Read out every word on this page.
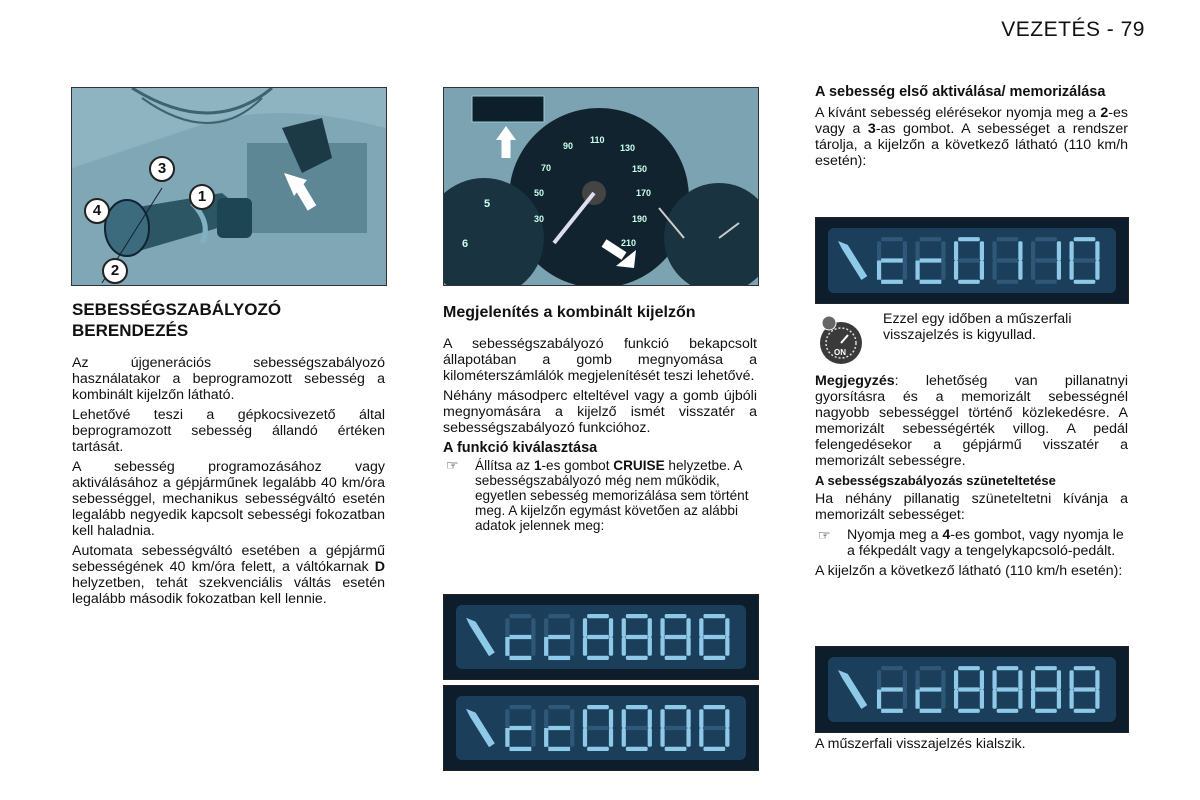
VEZETÉS - 79
3
1
4
2
90
110
130
70	150
50	170
30	190
210
5
6

SEBESSÉGSZABÁLYOZÓ BERENDEZÉS

Az újgenerációs sebességszabályozó használatakor a beprogramozott sebesség a kombinált kijelzőn látható.

Lehetővé teszi a gépkocsivezető által beprogramozott sebesség állandó értéken tartását.

A sebesség programozásához vagy aktiválásához a gépjárműnek legalább 40 km/óra sebességgel, mechanikus sebességváltó esetén legalább negyedik kapcsolt sebességi fokozatban kell haladnia.

Automata sebességváltó esetében a gépjármű sebességének 40 km/óra felett, a váltókarnak D helyzetben, tehát szekvenciális váltás esetén legalább második fokozatban kell lennie.

Megjelenítés a kombinált kijelzőn

A sebességszabályozó funkció bekapcsolt állapotában a gomb megnyomása a kilométerszámlálók megjelenítését teszi lehetővé.

Néhány másodperc elteltével vagy a gomb újbóli megnyomására a kijelző ismét visszatér a sebességszabályozó funkcióhoz.

A funkció kiválasztása

☞ Állítsa az 1-es gombot CRUISE helyzetbe. A sebességszabályozó még nem működik, egyetlen sebesség memorizálása sem történt meg. A kijelzőn egymást követően az alábbi adatok jelennek meg:

A sebesség első aktiválása/ memorizálása

A kívánt sebesség elérésekor nyomja meg a 2-es vagy a 3-as gombot. A sebességet a rendszer tárolja, a kijelzőn a következő látható (110 km/h esetén):

Ezzel egy időben a műszerfali visszajelzés is kigyullad.

ON

Megjegyzés: lehetőség van pillanatnyi gyorsításra és a memorizált sebességnél nagyobb sebességgel történő közlekedésre. A memorizált sebességérték villog. A pedál felengedésekor a gépjármű visszatér a memorizált sebességre.

A sebességszabályozás szüneteltetése

Ha néhány pillanatig szüneteltetni kívánja a memorizált sebességet:

☞ Nyomja meg a 4-es gombot, vagy nyomja le a fékpedált vagy a tengelykapcsoló-pedált.

A kijelzőn a következő látható (110 km/h esetén):

A műszerfali visszajelzés kialszik.
